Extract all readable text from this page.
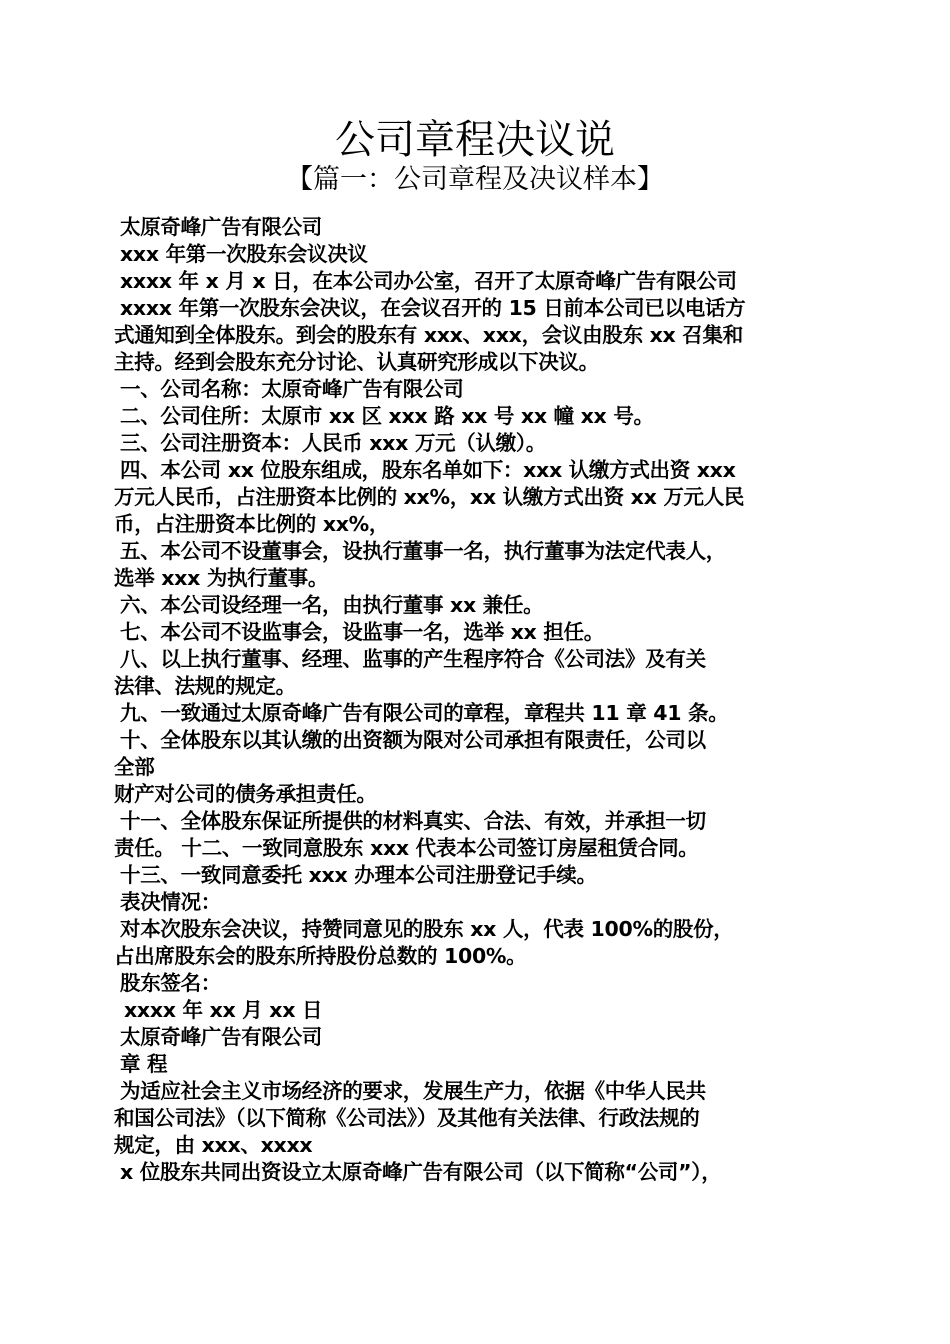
公司章程决议说
【篇一：公司章程及决议样本】

太原奇峰广告有限公司

xxx 年第一次股东会议决议

xxxx 年 x 月 x 日，在本公司办公室，召开了太原奇峰广告有限公司

xxxx 年第一次股东会决议，在会议召开的 15 日前本公司已以电话方

式通知到全体股东。到会的股东有 xxx、xxx，会议由股东 xx 召集和

主持。经到会股东充分讨论、认真研究形成以下决议。

一、公司名称：太原奇峰广告有限公司

二、公司住所：太原市 xx 区 xxx 路 xx 号 xx 幢 xx 号。

三、公司注册资本：人民币 xxx 万元（认缴）。

四、本公司 xx 位股东组成，股东名单如下：xxx 认缴方式出资 xxx

万元人民币，占注册资本比例的 xx%，xx 认缴方式出资 xx 万元人民

币，占注册资本比例的 xx%，

五、本公司不设董事会，设执行董事一名，执行董事为法定代表人，

选举 xxx 为执行董事。

六、本公司设经理一名，由执行董事 xx 兼任。

七、本公司不设监事会，设监事一名，选举 xx 担任。

八、以上执行董事、经理、监事的产生程序符合《公司法》及有关

法律、法规的规定。

九、一致通过太原奇峰广告有限公司的章程，章程共 11 章 41 条。

十、全体股东以其认缴的出资额为限对公司承担有限责任，公司以

全部

财产对公司的债务承担责任。

十一、全体股东保证所提供的材料真实、合法、有效，并承担一切

责任。 十二、一致同意股东 xxx 代表本公司签订房屋租赁合同。

十三、一致同意委托 xxx 办理本公司注册登记手续。

表决情况：

对本次股东会决议，持赞同意见的股东 xx 人，代表 100%的股份，

占出席股东会的股东所持股份总数的 100%。

股东签名：

xxxx 年 xx 月 xx 日

太原奇峰广告有限公司

章 程

为适应社会主义市场经济的要求，发展生产力，依据《中华人民共

和国公司法》（以下简称《公司法》）及其他有关法律、行政法规的

规定，由 xxx、xxxx

x 位股东共同出资设立太原奇峰广告有限公司（以下简称“公司”），
